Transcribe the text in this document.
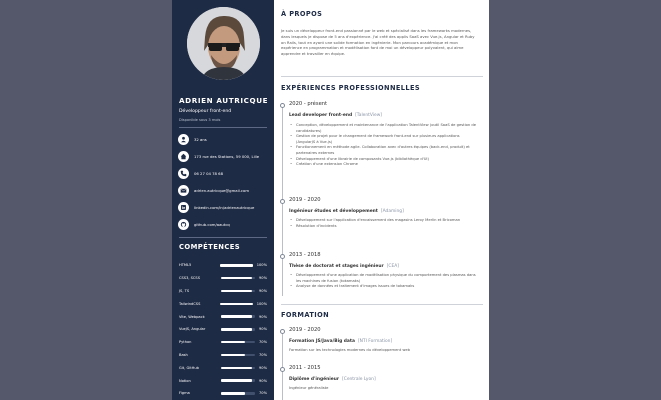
ADRIEN AUTRICQUE
Développeur front-end
Disponible sous 3 mois
32 ans
173 rue des Stations, 59 000, Lille
06 27 04 78 68
adrien.autricque@gmail.com
linkedin.com/in/adrienautricque
github.com/aautcq
COMPÉTENCES
HTML5	100%
CSS3, SCSS	90%
JS, TS	90%
TailwindCSS	100%
Vite, Webpack	90%
VueJS, Angular	90%
Python	70%
Bash	70%
Git, GitHub	90%
Notion	90%
Figma	70%
À PROPOS
Je suis un développeur front-end passionné par le web et spécialisé dans les frameworks modernes, dans lesquels je dispose de 5 ans d'expérience. J'ai créé des applis SaaS avec Vue.js, Angular et Ruby on Rails, tout en ayant une solide formation en ingénierie. Mon parcours académique et mon expérience en programmation et modélisation font de moi un développeur polyvalent, qui aime apprendre et travailler en équipe.
EXPÉRIENCES PROFESSIONNELLES
2020 - présent
Lead developer front-end [TalentView]
• Conception, développement et maintenance de l'application TalentView (outil SaaS de gestion de candidatures)
• Gestion de projet pour le changement de framework front-end sur plusieurs applications (AngularJS à Vue.js)
• Fonctionnement en méthode agile. Collaboration avec d'autres équipes (back-end, produit) et partenaires externes
• Développement d'une librairie de composants Vue.js (bibliothèque d'UI)
• Création d'une extension Chrome
2019 - 2020
Ingénieur études et développement [Adaming]
• Développement sur l'application d'encaissement des magasins Leroy Merlin et Bricoman
• Résolution d'incidents
2013 - 2018
Thèse de doctorat et stages ingénieur [CEA]
• Développement d'une application de modélisation physique du comportement des plasmas dans les machines de fusion (tokamaks)
• Analyse de données et traitement d'images issues de tokamaks
FORMATION
2019 - 2020
Formation JS/Java/Big data [NTI Formation]
Formation sur les technologies modernes du développement web
2011 - 2015
Diplôme d'ingénieur [Centrale Lyon]
Ingénieur généraliste
